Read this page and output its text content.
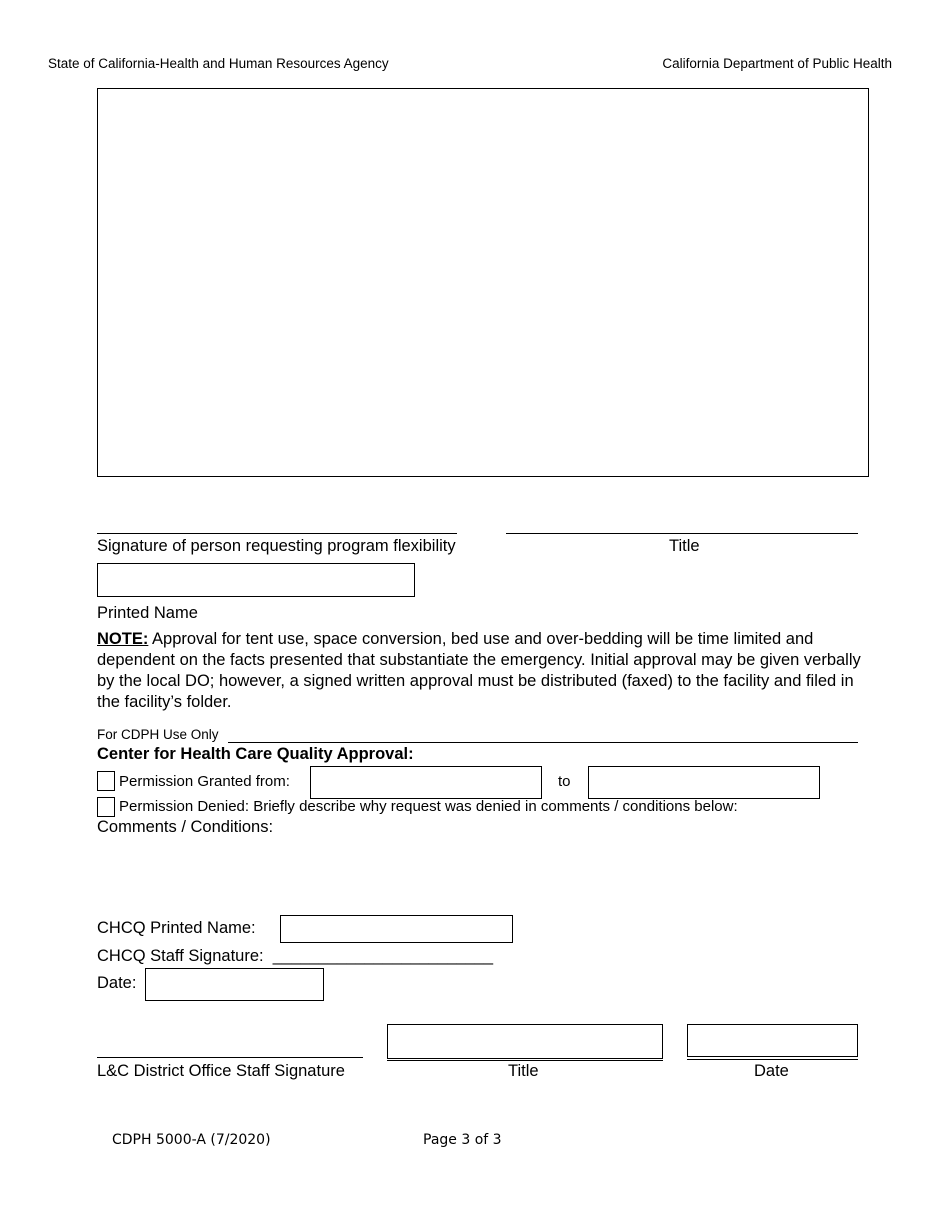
State of California-Health and Human Resources Agency	California Department of Public Health
Signature of person requesting program flexibility	Title
Printed Name
NOTE: Approval for tent use, space conversion, bed use and over-bedding will be time limited and dependent on the facts presented that substantiate the emergency. Initial approval may be given verbally by the local DO; however, a signed written approval must be distributed (faxed) to the facility and filed in the facility’s folder.
For CDPH Use Only
Center for Health Care Quality Approval:
Permission Granted from:	to
Permission Denied: Briefly describe why request was denied in comments / conditions below:
Comments / Conditions:
CHCQ Printed Name:
CHCQ Staff Signature:  ________________________
Date:
L&C District Office Staff Signature	Title	Date
CDPH 5000-A (7/2020)	Page 3 of 3
